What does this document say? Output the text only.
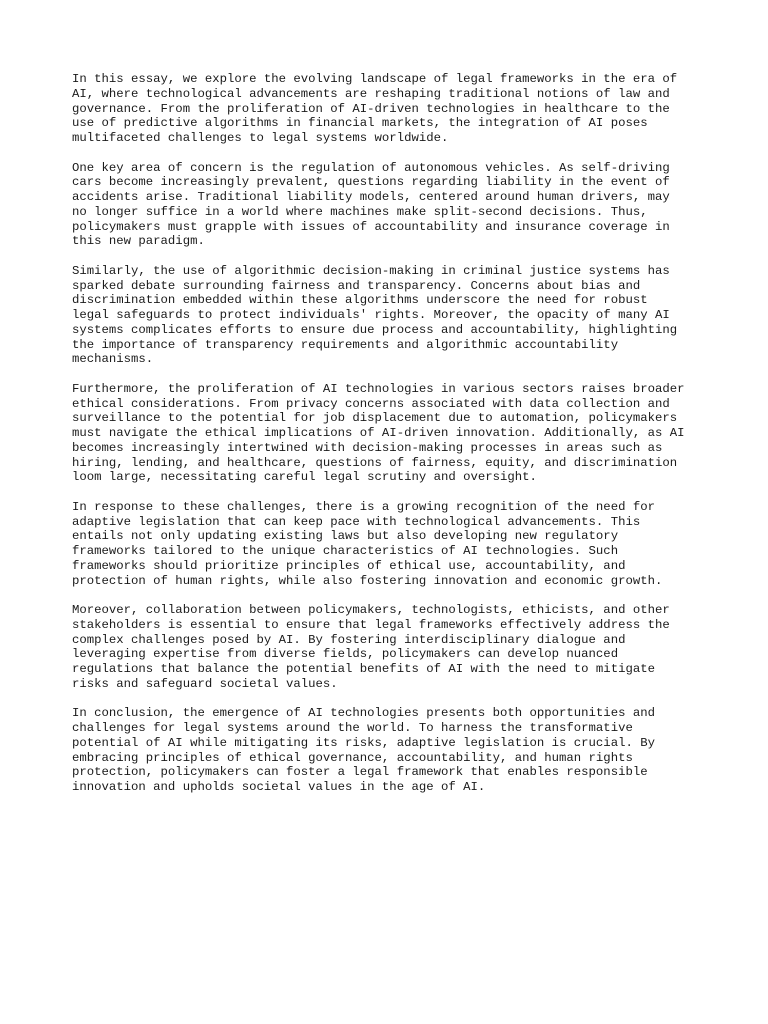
In this essay, we explore the evolving landscape of legal frameworks in the era of
AI, where technological advancements are reshaping traditional notions of law and
governance. From the proliferation of AI-driven technologies in healthcare to the
use of predictive algorithms in financial markets, the integration of AI poses
multifaceted challenges to legal systems worldwide.

One key area of concern is the regulation of autonomous vehicles. As self-driving
cars become increasingly prevalent, questions regarding liability in the event of
accidents arise. Traditional liability models, centered around human drivers, may
no longer suffice in a world where machines make split-second decisions. Thus,
policymakers must grapple with issues of accountability and insurance coverage in
this new paradigm.

Similarly, the use of algorithmic decision-making in criminal justice systems has
sparked debate surrounding fairness and transparency. Concerns about bias and
discrimination embedded within these algorithms underscore the need for robust
legal safeguards to protect individuals' rights. Moreover, the opacity of many AI
systems complicates efforts to ensure due process and accountability, highlighting
the importance of transparency requirements and algorithmic accountability
mechanisms.

Furthermore, the proliferation of AI technologies in various sectors raises broader
ethical considerations. From privacy concerns associated with data collection and
surveillance to the potential for job displacement due to automation, policymakers
must navigate the ethical implications of AI-driven innovation. Additionally, as AI
becomes increasingly intertwined with decision-making processes in areas such as
hiring, lending, and healthcare, questions of fairness, equity, and discrimination
loom large, necessitating careful legal scrutiny and oversight.

In response to these challenges, there is a growing recognition of the need for
adaptive legislation that can keep pace with technological advancements. This
entails not only updating existing laws but also developing new regulatory
frameworks tailored to the unique characteristics of AI technologies. Such
frameworks should prioritize principles of ethical use, accountability, and
protection of human rights, while also fostering innovation and economic growth.

Moreover, collaboration between policymakers, technologists, ethicists, and other
stakeholders is essential to ensure that legal frameworks effectively address the
complex challenges posed by AI. By fostering interdisciplinary dialogue and
leveraging expertise from diverse fields, policymakers can develop nuanced
regulations that balance the potential benefits of AI with the need to mitigate
risks and safeguard societal values.

In conclusion, the emergence of AI technologies presents both opportunities and
challenges for legal systems around the world. To harness the transformative
potential of AI while mitigating its risks, adaptive legislation is crucial. By
embracing principles of ethical governance, accountability, and human rights
protection, policymakers can foster a legal framework that enables responsible
innovation and upholds societal values in the age of AI.
